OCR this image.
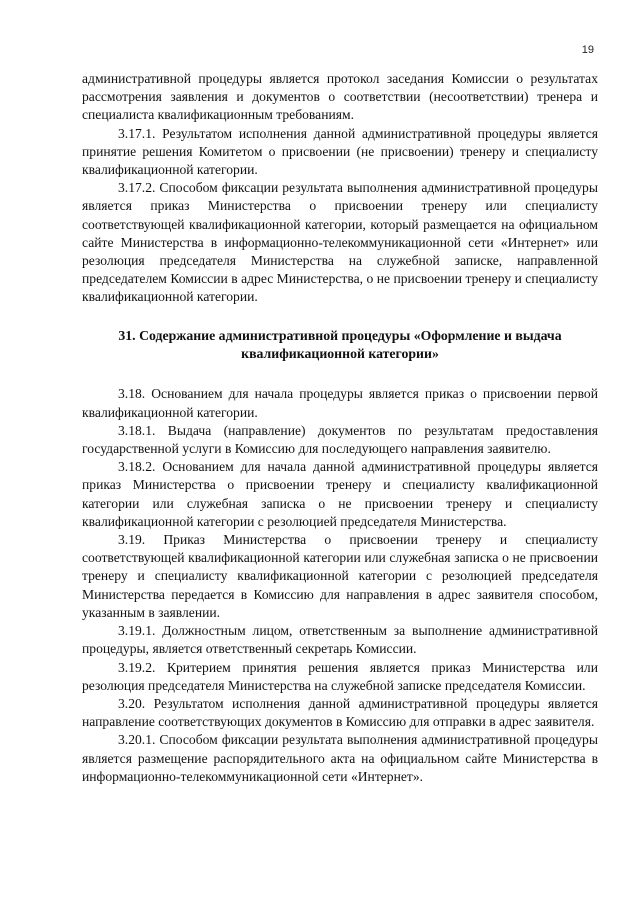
19

административной процедуры является протокол заседания Комиссии о результатах рассмотрения заявления и документов о соответствии (несоответствии) тренера и специалиста квалификационным требованиям.

3.17.1. Результатом исполнения данной административной процедуры является принятие решения Комитетом о присвоении (не присвоении) тренеру и специалисту квалификационной категории.

3.17.2. Способом фиксации результата выполнения административной процедуры является приказ Министерства о присвоении тренеру или специалисту соответствующей квалификационной категории, который размещается на официальном сайте Министерства в информационно-телекоммуникационной сети «Интернет» или резолюция председателя Министерства на служебной записке, направленной председателем Комиссии в адрес Министерства, о не присвоении тренеру и специалисту квалификационной категории.

31. Содержание административной процедуры «Оформление и выдача квалификационной категории»

3.18. Основанием для начала процедуры является приказ о присвоении первой квалификационной категории.

3.18.1. Выдача (направление) документов по результатам предоставления государственной услуги в Комиссию для последующего направления заявителю.

3.18.2. Основанием для начала данной административной процедуры является приказ Министерства о присвоении тренеру и специалисту квалификационной категории или служебная записка о не присвоении тренеру и специалисту квалификационной категории с резолюцией председателя Министерства.

3.19. Приказ Министерства о присвоении тренеру и специалисту соответствующей квалификационной категории или служебная записка о не присвоении тренеру и специалисту квалификационной категории с резолюцией председателя Министерства передается в Комиссию для направления в адрес заявителя способом, указанным в заявлении.

3.19.1. Должностным лицом, ответственным за выполнение административной процедуры, является ответственный секретарь Комиссии.

3.19.2. Критерием принятия решения является приказ Министерства или резолюция председателя Министерства на служебной записке председателя Комиссии.

3.20. Результатом исполнения данной административной процедуры является направление соответствующих документов в Комиссию для отправки в адрес заявителя.

3.20.1. Способом фиксации результата выполнения административной процедуры является размещение распорядительного акта на официальном сайте Министерства в информационно-телекоммуникационной сети «Интернет».
